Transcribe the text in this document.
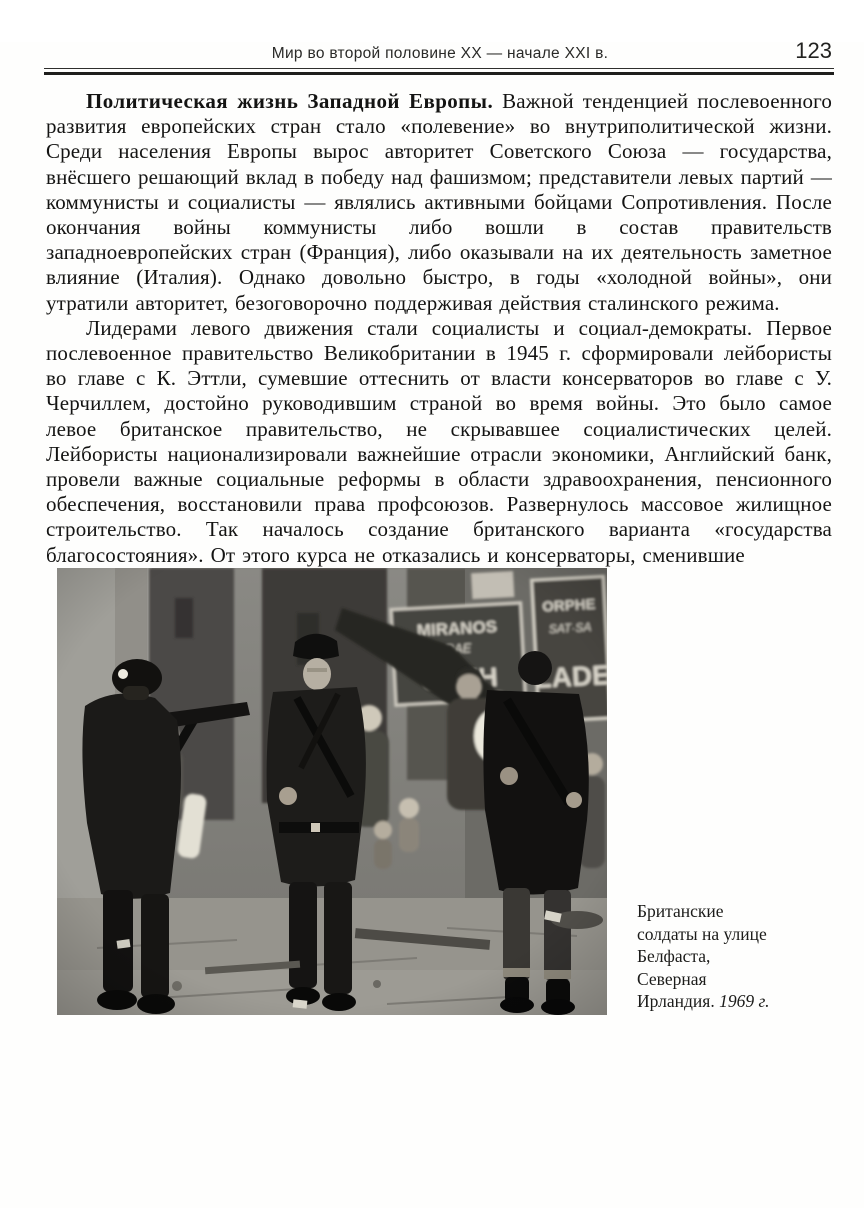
Мир во второй половине XX — начале XXI в.	123

Политическая жизнь Западной Европы. Важной тенденцией послевоенного развития европейских стран стало «полевение» во внутриполитической жизни. Среди населения Европы вырос авторитет Советского Союза — государства, внёсшего решающий вклад в победу над фашизмом; представители левых партий — коммунисты и социалисты — являлись активными бойцами Сопротивления. После окончания войны коммунисты либо вошли в состав правительств западноевропейских стран (Франция), либо оказывали на их деятельность заметное влияние (Италия). Однако довольно быстро, в годы «холодной войны», они утратили авторитет, безоговорочно поддерживая действия сталинского режима.

Лидерами левого движения стали социалисты и социал-демократы. Первое послевоенное правительство Великобритании в 1945 г. сформировали лейбористы во главе с К. Эттли, сумевшие оттеснить от власти консерваторов во главе с У. Черчиллем, достойно руководившим страной во время войны. Это было самое левое британское правительство, не скрывавшее социалистических целей. Лейбористы национализировали важнейшие отрасли экономики, Английский банк, провели важные социальные реформы в области здравоохранения, пенсионного обеспечения, восстановили права профсоюзов. Развернулось массовое жилищное строительство. Так началось создание британского варианта «государства благосостояния». От этого курса не отказались и консерваторы, сменившие

Британские
солдаты на улице
Белфаста,
Северная
Ирландия. 1969 г.
